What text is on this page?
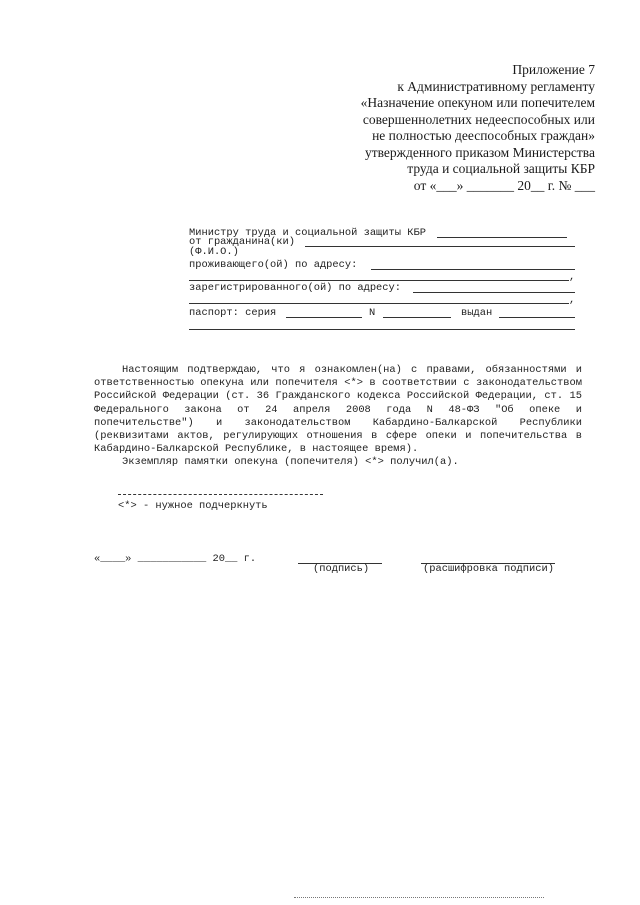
Приложение 7
к Административному регламенту
«Назначение опекуном или попечителем
совершеннолетних недееспособных или
не полностью дееспособных граждан»
утвержденного приказом Министерства
труда и социальной защиты КБР
от «___» _______ 20__ г. № ___
Министру труда и социальной защиты КБР
от гражданина(ки)
(Ф.И.О.)
проживающего(ой) по адресу:
,
зарегистрированного(ой) по адресу:
,
паспорт: серия	N	выдан

Настоящим подтверждаю, что я ознакомлен(на) с правами, обязанностями и ответственностью опекуна или попечителя <*> в соответствии с законодательством Российской Федерации (ст. 36 Гражданского кодекса Российской Федерации, ст. 15 Федерального закона от 24 апреля 2008 года N 48-ФЗ "Об опеке и попечительстве") и законодательством Кабардино-Балкарской Республики (реквизитами актов, регулирующих отношения в сфере опеки и попечительства в Кабардино-Балкарской Республике, в настоящее время).

Экземпляр памятки опекуна (попечителя) <*> получил(а).

<*> - нужное подчеркнуть
«____» ___________ 20__ г.
(подпись)	(расшифровка подписи)
